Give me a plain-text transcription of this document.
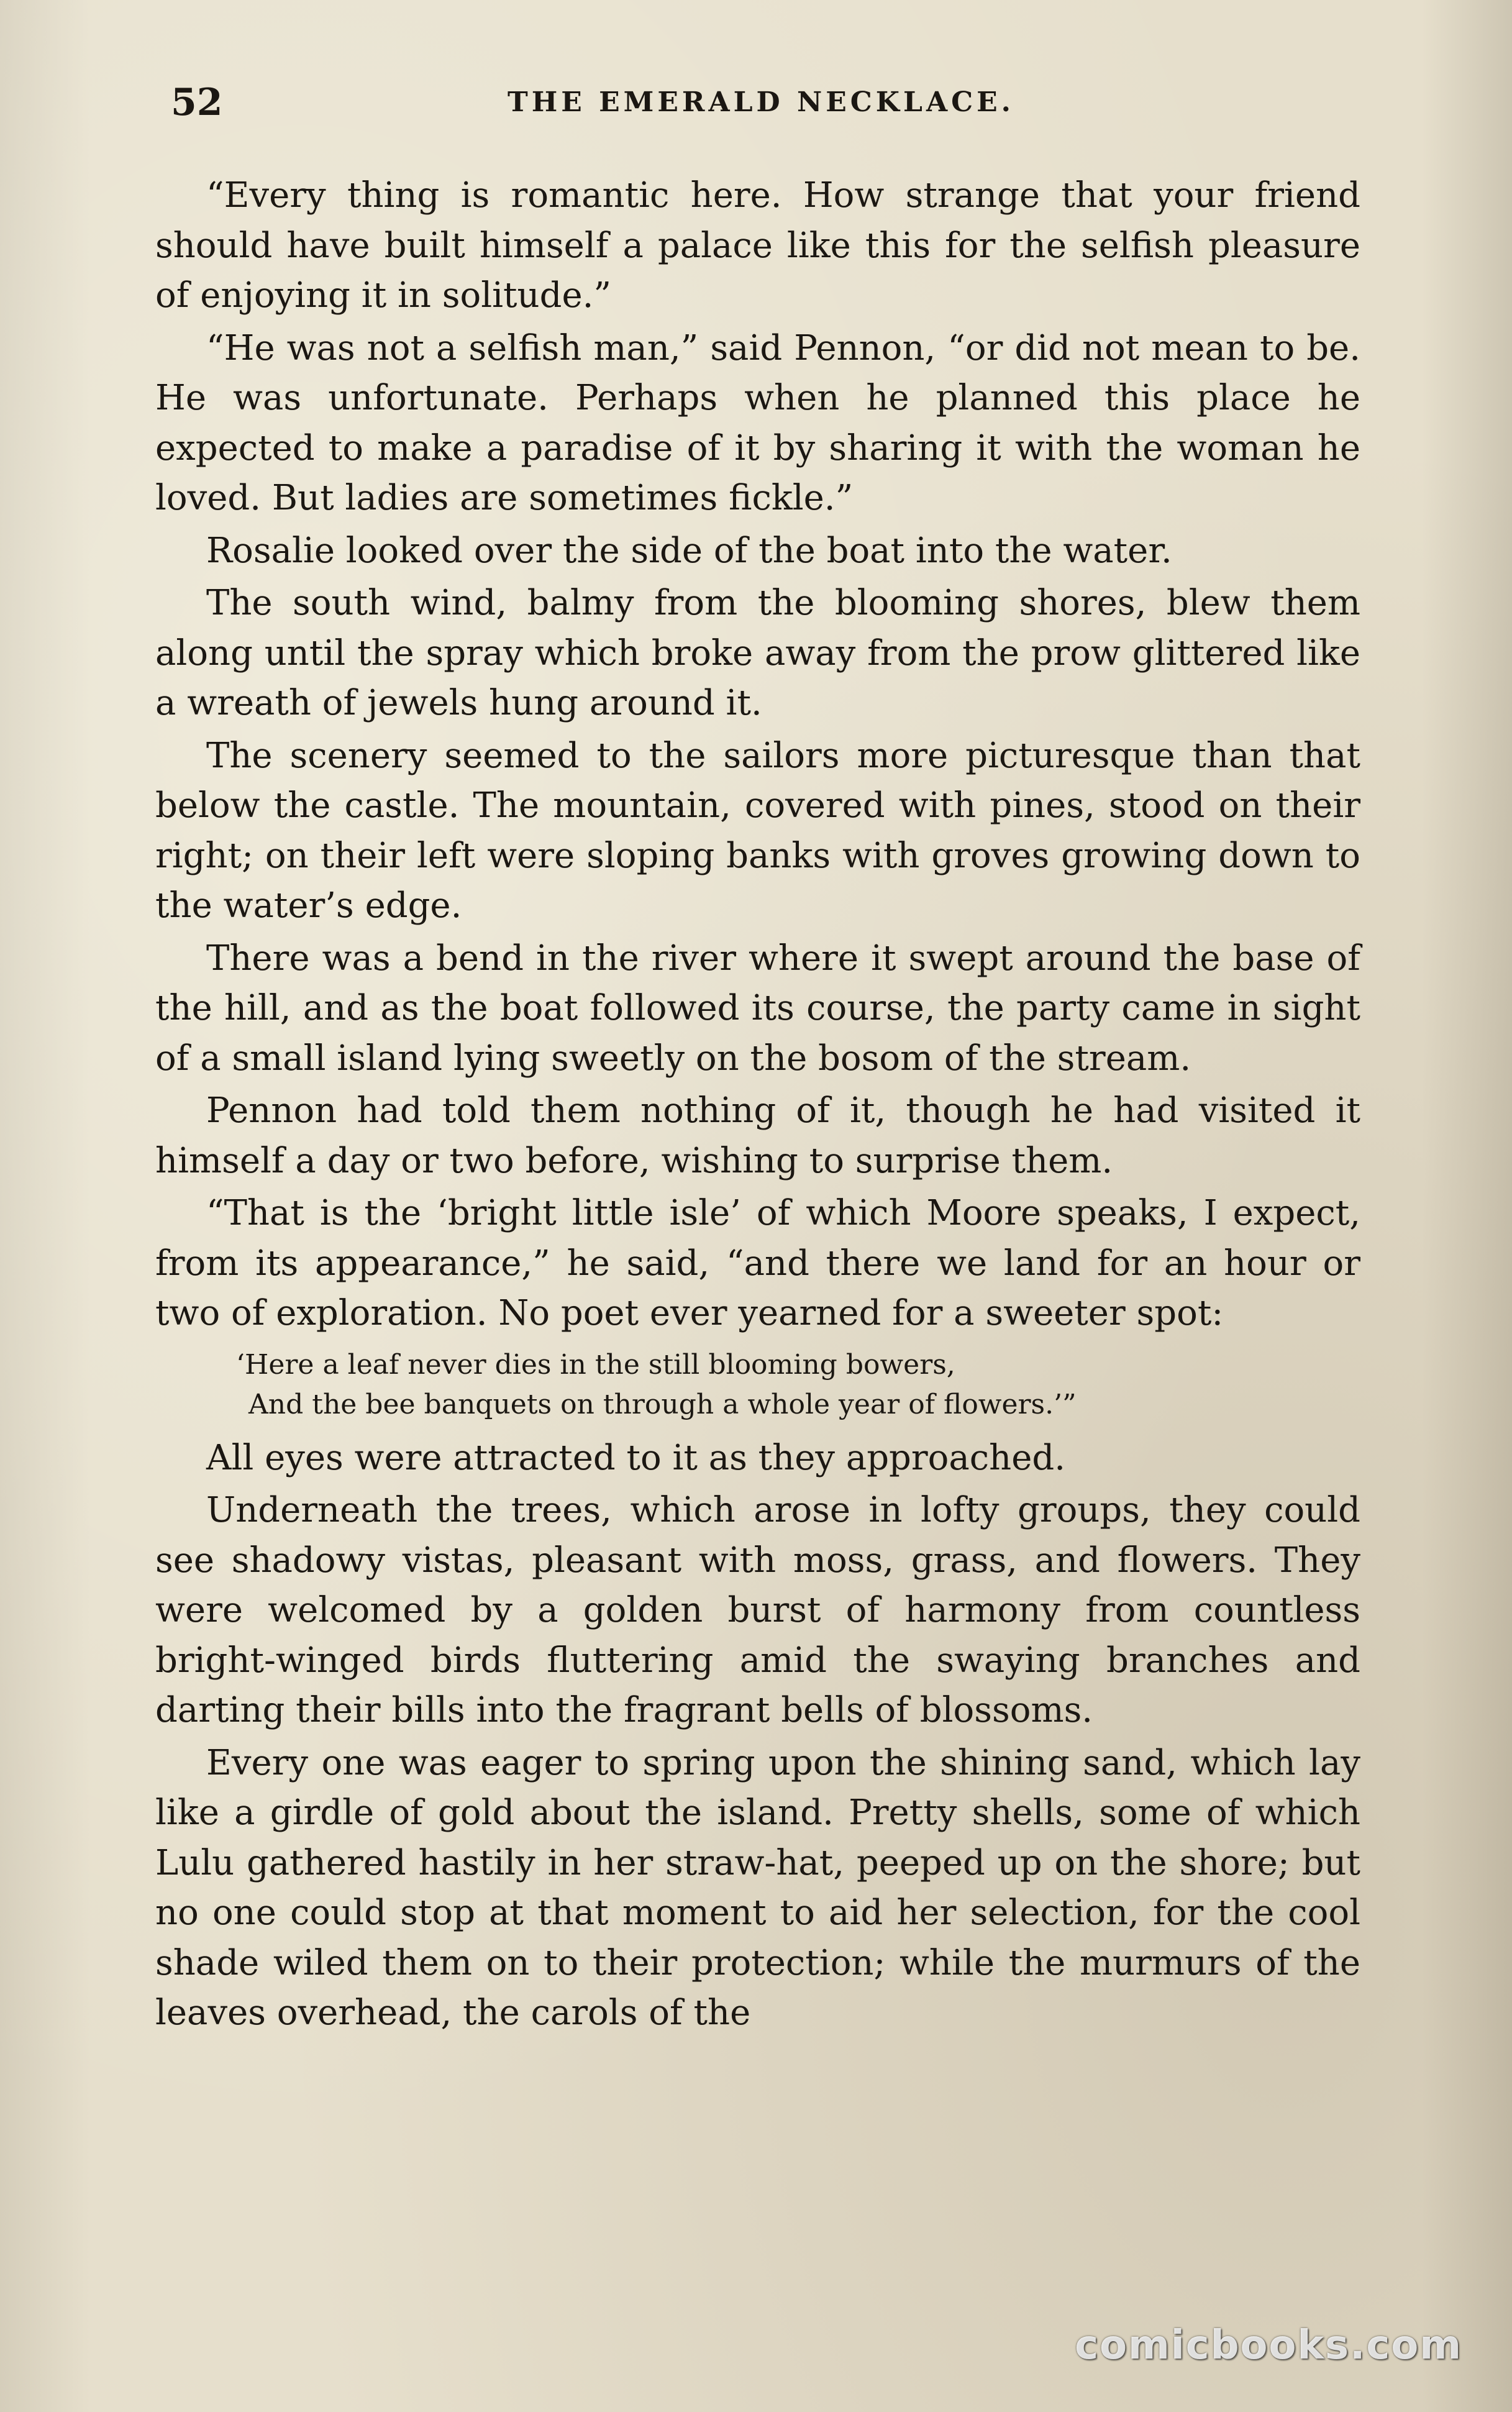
52	THE EMERALD NECKLACE.

“Every thing is romantic here. How strange that your friend should have built himself a palace like this for the selfish pleasure of enjoying it in solitude.”

“He was not a selfish man,” said Pennon, “or did not mean to be. He was unfortunate. Perhaps when he planned this place he expected to make a paradise of it by sharing it with the woman he loved. But ladies are sometimes fickle.”

Rosalie looked over the side of the boat into the water.

The south wind, balmy from the blooming shores, blew them along until the spray which broke away from the prow glittered like a wreath of jewels hung around it.

The scenery seemed to the sailors more picturesque than that below the castle. The mountain, covered with pines, stood on their right; on their left were sloping banks with groves growing down to the water’s edge.

There was a bend in the river where it swept around the base of the hill, and as the boat followed its course, the party came in sight of a small island lying sweetly on the bosom of the stream.

Pennon had told them nothing of it, though he had visited it himself a day or two before, wishing to surprise them.

“That is the ‘bright little isle’ of which Moore speaks, I expect, from its appearance,” he said, “and there we land for an hour or two of exploration. No poet ever yearned for a sweeter spot:

‘Here a leaf never dies in the still blooming bowers,
And the bee banquets on through a whole year of flowers.’”

All eyes were attracted to it as they approached.

Underneath the trees, which arose in lofty groups, they could see shadowy vistas, pleasant with moss, grass, and flowers. They were welcomed by a golden burst of harmony from countless bright-winged birds fluttering amid the swaying branches and darting their bills into the fragrant bells of blossoms.

Every one was eager to spring upon the shining sand, which lay like a girdle of gold about the island. Pretty shells, some of which Lulu gathered hastily in her straw-hat, peeped up on the shore; but no one could stop at that moment to aid her selection, for the cool shade wiled them on to their protection; while the murmurs of the leaves overhead, the carols of the

comicbooks.com
